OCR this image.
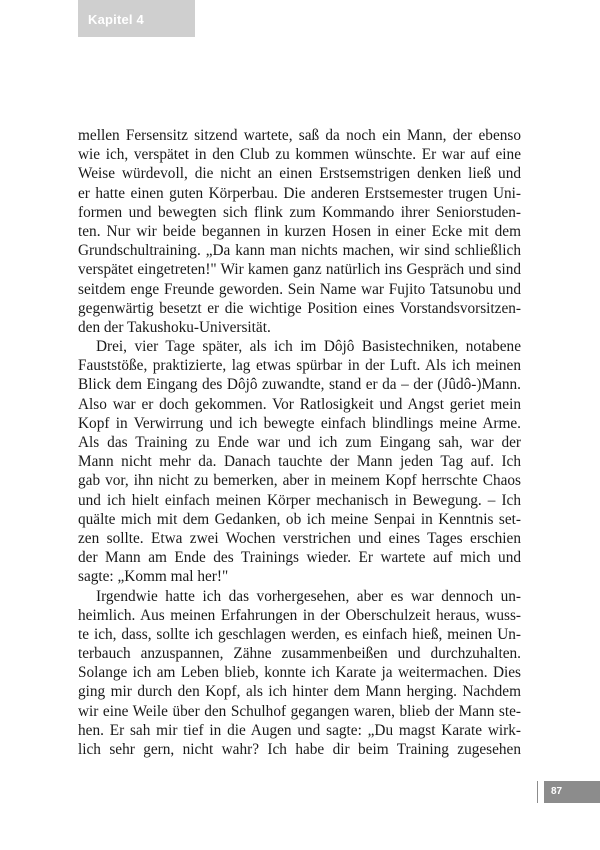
Kapitel 4
mellen Fersensitz sitzend wartete, saß da noch ein Mann, der ebenso
wie ich, verspätet in den Club zu kommen wünschte. Er war auf eine
Weise würdevoll, die nicht an einen Erstsemstrigen denken ließ und
er hatte einen guten Körperbau. Die anderen Erstsemester trugen Uni-
formen und bewegten sich flink zum Kommando ihrer Seniorstuden-
ten. Nur wir beide begannen in kurzen Hosen in einer Ecke mit dem
Grundschultraining. „Da kann man nichts machen, wir sind schließlich
verspätet eingetreten!" Wir kamen ganz natürlich ins Gespräch und sind
seitdem enge Freunde geworden. Sein Name war Fujito Tatsunobu und
gegenwärtig besetzt er die wichtige Position eines Vorstandsvorsitzen-
den der Takushoku-Universität.
Drei, vier Tage später, als ich im Dôjô Basistechniken, notabene
Fauststöße, praktizierte, lag etwas spürbar in der Luft. Als ich meinen
Blick dem Eingang des Dôjô zuwandte, stand er da – der (Jûdô-)Mann.
Also war er doch gekommen. Vor Ratlosigkeit und Angst geriet mein
Kopf in Verwirrung und ich bewegte einfach blindlings meine Arme.
Als das Training zu Ende war und ich zum Eingang sah, war der
Mann nicht mehr da. Danach tauchte der Mann jeden Tag auf. Ich
gab vor, ihn nicht zu bemerken, aber in meinem Kopf herrschte Chaos
und ich hielt einfach meinen Körper mechanisch in Bewegung. – Ich
quälte mich mit dem Gedanken, ob ich meine Senpai in Kenntnis set-
zen sollte. Etwa zwei Wochen verstrichen und eines Tages erschien
der Mann am Ende des Trainings wieder. Er wartete auf mich und
sagte: „Komm mal her!"
Irgendwie hatte ich das vorhergesehen, aber es war dennoch un-
heimlich. Aus meinen Erfahrungen in der Oberschulzeit heraus, wuss-
te ich, dass, sollte ich geschlagen werden, es einfach hieß, meinen Un-
terbauch anzuspannen, Zähne zusammenbeißen und durchzuhalten.
Solange ich am Leben blieb, konnte ich Karate ja weitermachen. Dies
ging mir durch den Kopf, als ich hinter dem Mann herging. Nachdem
wir eine Weile über den Schulhof gegangen waren, blieb der Mann ste-
hen. Er sah mir tief in die Augen und sagte: „Du magst Karate wirk-
lich sehr gern, nicht wahr? Ich habe dir beim Training zugesehen
87
